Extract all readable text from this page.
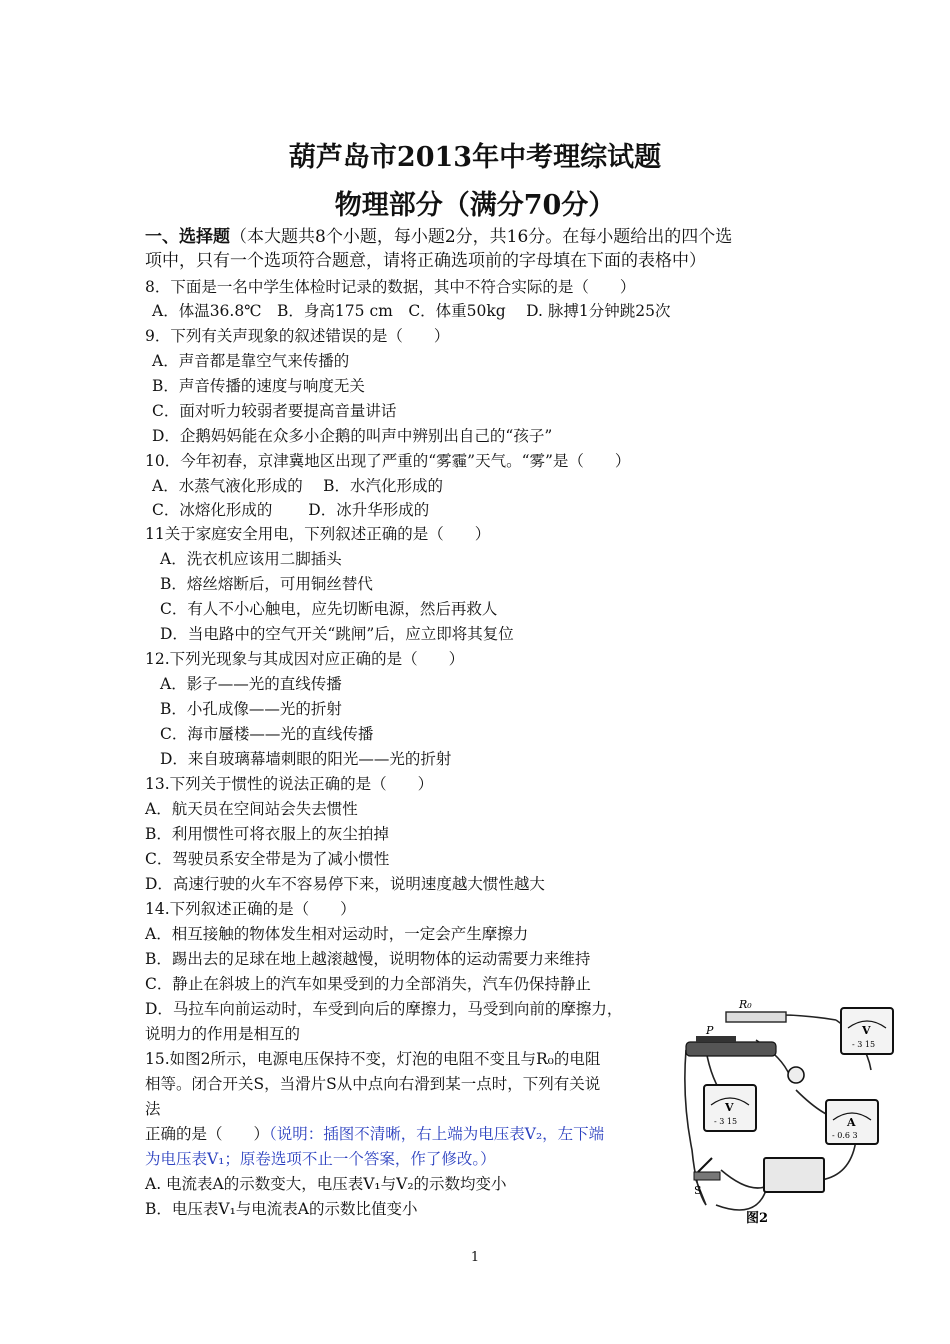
葫芦岛市2013年中考理综试题
物理部分（满分70分）
一、选择题（本大题共8个小题，每小题2分，共16分。在每小题给出的四个选
项中，只有一个选项符合题意，请将正确选项前的字母填在下面的表格中）
8．下面是一名中学生体检时记录的数据，其中不符合实际的是（　　）
A．体温36.8℃　B．身高175 cm　C．体重50kg　 D. 脉搏1分钟跳25次
9．下列有关声现象的叙述错误的是（　　）
A．声音都是靠空气来传播的
B．声音传播的速度与响度无关
C．面对听力较弱者要提高音量讲话
D．企鹅妈妈能在众多小企鹅的叫声中辨别出自己的“孩子”
10．今年初春，京津冀地区出现了严重的“雾霾”天气。“雾”是（　　）
A．水蒸气液化形成的　 B．水汽化形成的
C．冰熔化形成的　　 D．冰升华形成的
11关于家庭安全用电，下列叙述正确的是（　　）
A．洗衣机应该用二脚插头
B．熔丝熔断后，可用铜丝替代
C．有人不小心触电，应先切断电源，然后再救人
D．当电路中的空气开关“跳闸”后，应立即将其复位
12.下列光现象与其成因对应正确的是（　　）
A．影子——光的直线传播
B．小孔成像——光的折射
C．海市蜃楼——光的直线传播
D．来自玻璃幕墙刺眼的阳光——光的折射
13.下列关于惯性的说法正确的是（　　）
A．航天员在空间站会失去惯性
B．利用惯性可将衣服上的灰尘拍掉
C．驾驶员系安全带是为了减小惯性
D．高速行驶的火车不容易停下来，说明速度越大惯性越大
14.下列叙述正确的是（　　）
A．相互接触的物体发生相对运动时，一定会产生摩擦力
B．踢出去的足球在地上越滚越慢，说明物体的运动需要力来维持
C．静止在斜坡上的汽车如果受到的力全部消失，汽车仍保持静止
D．马拉车向前运动时，车受到向后的摩擦力，马受到向前的摩擦力，
说明力的作用是相互的
15.如图2所示，电源电压保持不变，灯泡的电阻不变且与R₀的电阻
相等。闭合开关S，当滑片S从中点向右滑到某一点时，下列有关说
法
正确的是（　　）（说明：插图不清晰，右上端为电压表V₂，左下端
为电压表V₁；原卷选项不止一个答案，作了修改。）
A. 电流表A的示数变大，电压表V₁与V₂的示数均变小
B．电压表V₁与电流表A的示数比值变小
R₀
P
S
V
- 3 15
V
- 3 15	A
- 0.6 3
图2
1
